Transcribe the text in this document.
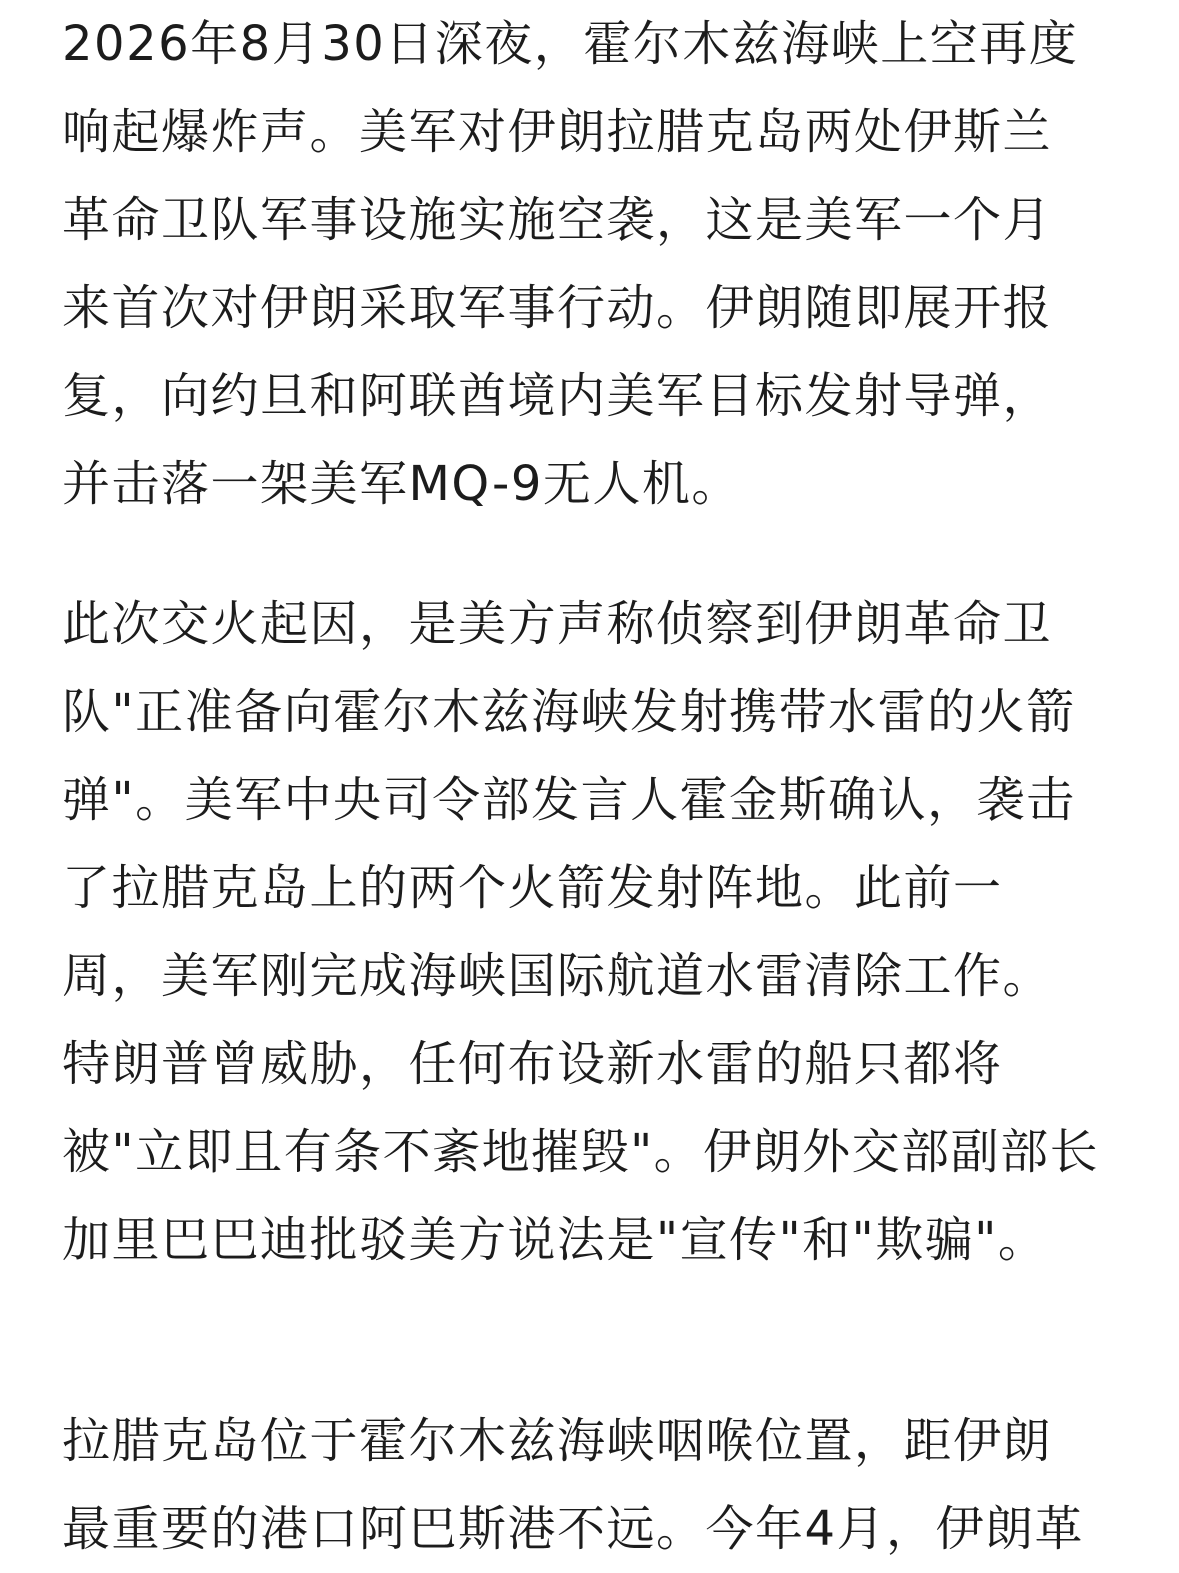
2026年8月30日深夜，霍尔木兹海峡上空再度
响起爆炸声。美军对伊朗拉腊克岛两处伊斯兰
革命卫队军事设施实施空袭，这是美军一个月
来首次对伊朗采取军事行动。伊朗随即展开报
复，向约旦和阿联酋境内美军目标发射导弹，
并击落一架美军MQ-9无人机。
此次交火起因，是美方声称侦察到伊朗革命卫
队"正准备向霍尔木兹海峡发射携带水雷的火箭
弹"。美军中央司令部发言人霍金斯确认，袭击
了拉腊克岛上的两个火箭发射阵地。此前一
周，美军刚完成海峡国际航道水雷清除工作。
特朗普曾威胁，任何布设新水雷的船只都将
被"立即且有条不紊地摧毁"。伊朗外交部副部长
加里巴巴迪批驳美方说法是"宣传"和"欺骗"。
拉腊克岛位于霍尔木兹海峡咽喉位置，距伊朗
最重要的港口阿巴斯港不远。今年4月，伊朗革
